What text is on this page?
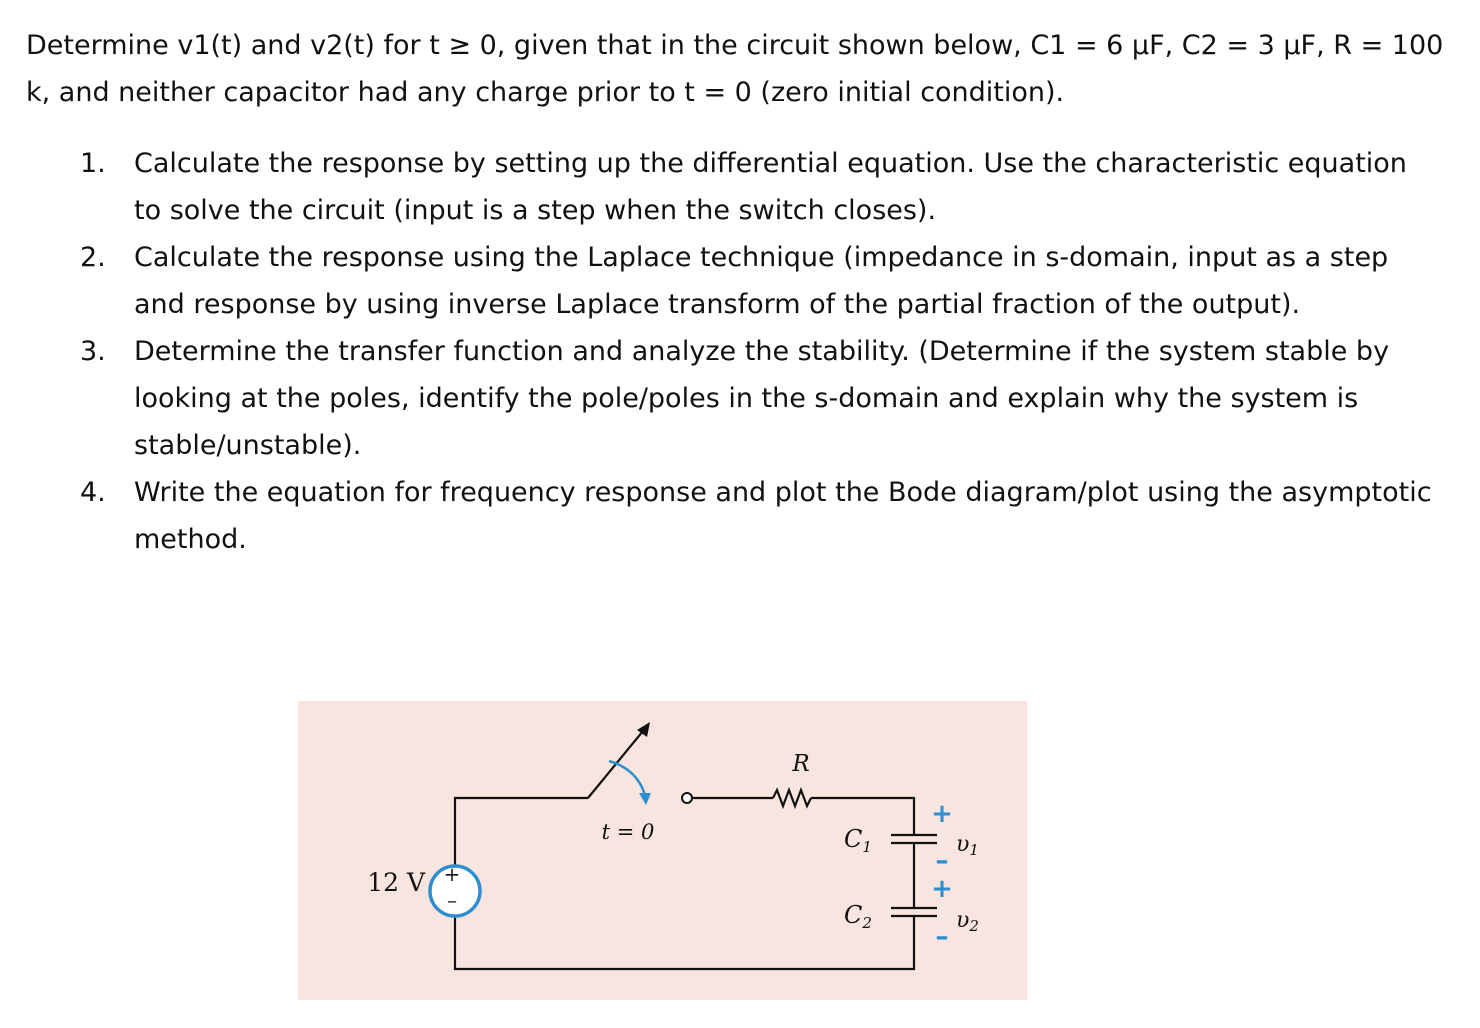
Determine v1(t) and v2(t) for t ≥ 0, given that in the circuit shown below, C1 = 6 μF, C2 = 3 μF, R = 100 k, and neither capacitor had any charge prior to t = 0 (zero initial condition).

1. Calculate the response by setting up the differential equation. Use the characteristic equation to solve the circuit (input is a step when the switch closes).
2. Calculate the response using the Laplace technique (impedance in s-domain, input as a step and response by using inverse Laplace transform of the partial fraction of the output).
3. Determine the transfer function and analyze the stability. (Determine if the system stable by looking at the poles, identify the pole/poles in the s-domain and explain why the system is stable/unstable).
4. Write the equation for frequency response and plot the Bode diagram/plot using the asymptotic method.
+
–
12 V
t = 0
R
$C_1$
$C_2$
+
–
+
–
υ1
υ2
